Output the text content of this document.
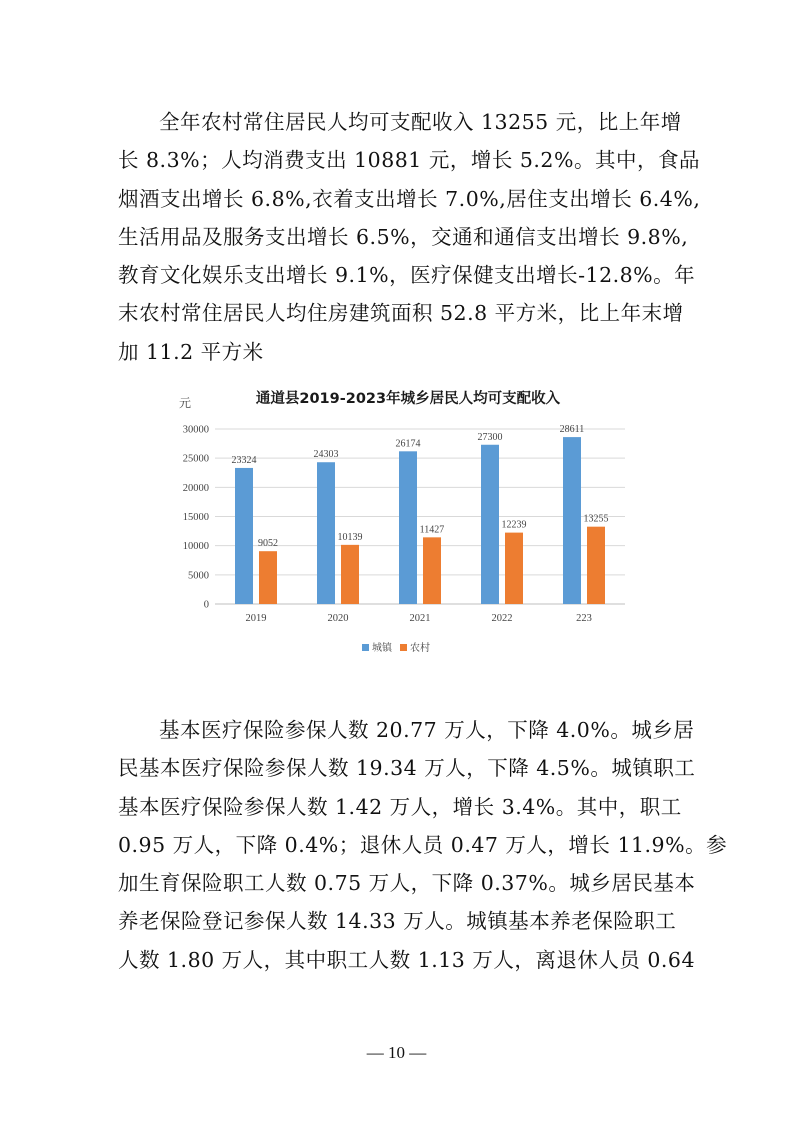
全年农村常住居民人均可支配收入 13255 元，比上年增
长 8.3%；人均消费支出 10881 元，增长 5.2%。其中，食品
烟酒支出增长 6.8%,衣着支出增长 7.0%,居住支出增长 6.4%,
生活用品及服务支出增长 6.5%，交通和通信支出增长 9.8%,
教育文化娱乐支出增长 9.1%，医疗保健支出增长-12.8%。年
末农村常住居民人均住房建筑面积 52.8 平方米，比上年末增
加 11.2 平方米
通道县2019-2023年城乡居民人均可支配收入
元
0
5000
10000
15000
20000
25000
30000
23324
9052
2019
24303
10139
2020
26174
11427
2021
27300
12239
2022
28611
13255
223
城镇 农村
基本医疗保险参保人数 20.77 万人，下降 4.0%。城乡居
民基本医疗保险参保人数 19.34 万人，下降 4.5%。城镇职工
基本医疗保险参保人数 1.42 万人，增长 3.4%。其中，职工
0.95 万人，下降 0.4%；退休人员 0.47 万人，增长 11.9%。参
加生育保险职工人数 0.75 万人，下降 0.37%。城乡居民基本
养老保险登记参保人数 14.33 万人。城镇基本养老保险职工
人数 1.80 万人，其中职工人数 1.13 万人，离退休人员 0.64
— 10 —
